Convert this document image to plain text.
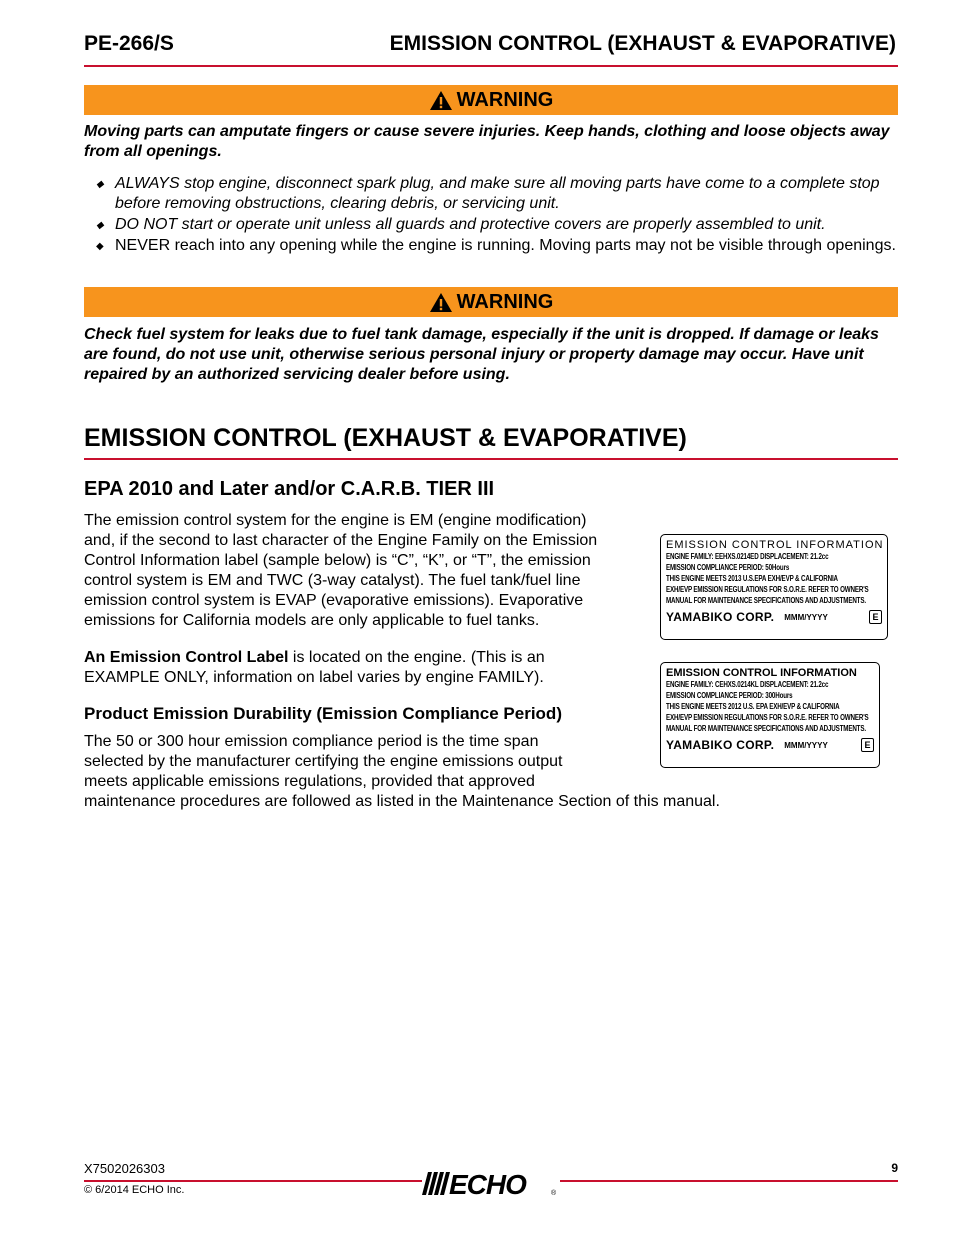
PE-266/S	EMISSION CONTROL (EXHAUST & EVAPORATIVE)
WARNING
Moving parts can amputate fingers or cause severe injuries. Keep hands, clothing and loose objects away from all openings.
◆ ALWAYS stop engine, disconnect spark plug, and make sure all moving parts have come to a complete stop before removing obstructions, clearing debris, or servicing unit.
◆ DO NOT start or operate unit unless all guards and protective covers are properly assembled to unit.
◆ NEVER reach into any opening while the engine is running. Moving parts may not be visible through openings.
WARNING
Check fuel system for leaks due to fuel tank damage, especially if the unit is dropped. If damage or leaks are found, do not use unit, otherwise serious personal injury or property damage may occur. Have unit repaired by an authorized servicing dealer before using.
EMISSION CONTROL (EXHAUST & EVAPORATIVE)
EPA 2010 and Later and/or C.A.R.B. TIER III
The emission control system for the engine is EM (engine modification)
and, if the second to last character of the Engine Family on the Emission
Control Information label (sample below) is “C”, “K”, or “T”, the emission
control system is EM and TWC (3-way catalyst). The fuel tank/fuel line
emission control system is EVAP (evaporative emissions). Evaporative
emissions for California models are only applicable to fuel tanks.
An Emission Control Label is located on the engine. (This is an
EXAMPLE ONLY, information on label varies by engine FAMILY).
Product Emission Durability (Emission Compliance Period)
The 50 or 300 hour emission compliance period is the time span
selected by the manufacturer certifying the engine emissions output
meets applicable emissions regulations, provided that approved
maintenance procedures are followed as listed in the Maintenance Section of this manual.
EMISSION CONTROL INFORMATION
ENGINE FAMILY: EEHXS.0214ED DISPLACEMENT: 21.2cc
EMISSION COMPLIANCE PERIOD: 50Hours
THIS ENGINE MEETS 2013 U.S.EPA EXH/EVP & CALIFORNIA
EXH/EVP EMISSION REGULATIONS FOR S.O.R.E. REFER TO OWNER'S
MANUAL FOR MAINTENANCE SPECIFICATIONS AND ADJUSTMENTS.
YAMABIKO CORP. MMM/YYYY	E
EMISSION CONTROL INFORMATION
ENGINE FAMILY: CEHXS.0214KL DISPLACEMENT: 21.2cc
EMISSION COMPLIANCE PERIOD: 300Hours
THIS ENGINE MEETS 2012 U.S. EPA EXH/EVP & CALIFORNIA
EXH/EVP EMISSION REGULATIONS FOR S.O.R.E. REFER TO OWNER'S
MANUAL FOR MAINTENANCE SPECIFICATIONS AND ADJUSTMENTS.
YAMABIKO CORP. MMM/YYYY	E
X7502026303
© 6/2014 ECHO Inc.
9
ECHO	®
